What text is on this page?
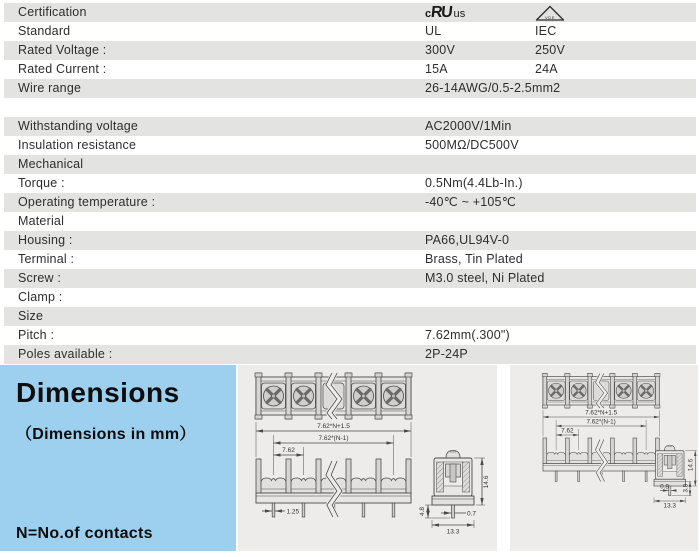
Certification	c RU us	VDE
Standard	UL	IEC
Rated Voltage :	300V	250V
Rated Current :	15A	24A
Wire range	26-14AWG/0.5-2.5mm2
Withstanding voltage	AC2000V/1Min
Insulation resistance	500MΩ/DC500V
Mechanical
Torque :	0.5Nm(4.4Lb-In.)
Operating temperature :	-40℃ ~ +105℃
Material
Housing :	PA66,UL94V-0
Terminal :	Brass, Tin Plated
Screw :	M3.0 steel, Ni Plated
Clamp :
Size
Pitch :	7.62mm(.300")
Poles available :	2P-24P
Dimensions
（Dimensions in mm）
N=No.of contacts
7.62*N+1.5
7.62*(N-1)
7.62
1.25
14.6
4.8	0.7
13.3
7.62*N+1.5
7.62*(N-1)
7.62
14.6
3.8
0.8
13.3
